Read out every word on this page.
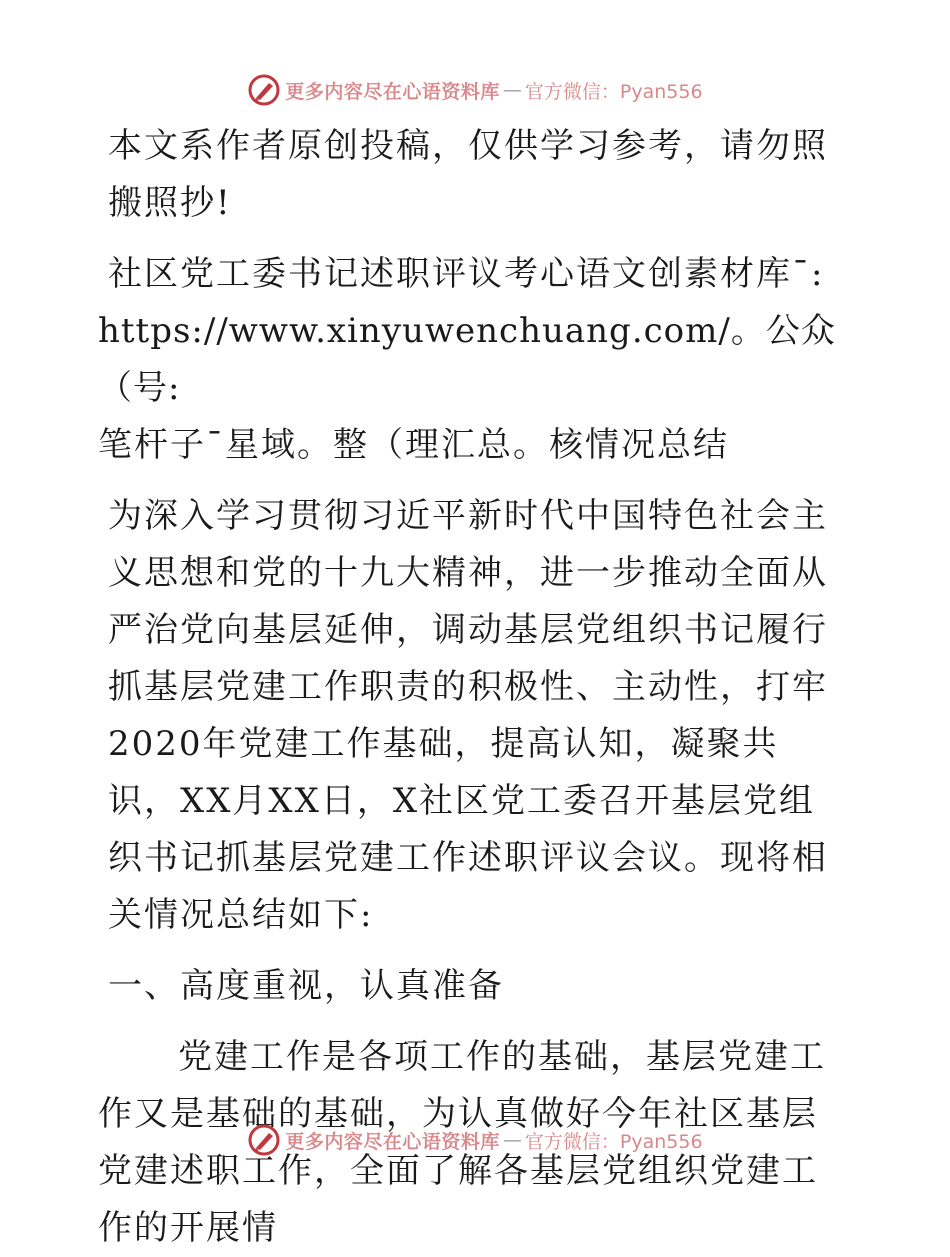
更多内容尽在心语资料库 — 官方微信：Pyan556

本文系作者原创投稿，仅供学习参考，请勿照搬照抄!

社区党工委书记述职评议考心语文创素材库¯:

https://www.xinyuwenchuang.com/。公众（号:

笔杆子¯星域。整（理汇总。核情况总结

为深入学习贯彻习近平新时代中国特色社会主义思想和党的十九大精神，进一步推动全面从严治党向基层延伸，调动基层党组织书记履行抓基层党建工作职责的积极性、主动性，打牢2020年党建工作基础，提高认知，凝聚共识，XX月XX日，X社区党工委召开基层党组织书记抓基层党建工作述职评议会议。现将相关情况总结如下:

一、高度重视，认真准备

党建工作是各项工作的基础，基层党建工作又是基础的基础，为认真做好今年社区基层党建述职工作，全面了解各基层党组织党建工作的开展情

更多内容尽在心语资料库 — 官方微信：Pyan556
